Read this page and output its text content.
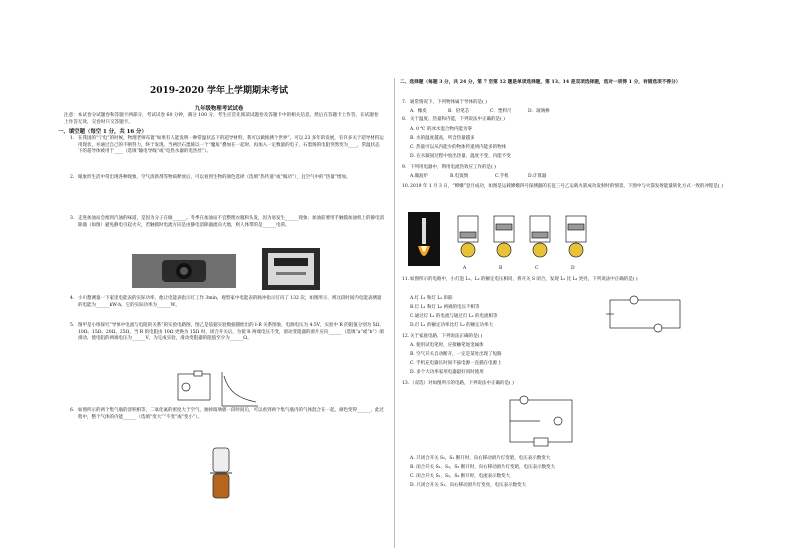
2019-2020 学年上学期期末考试
九年级物理考试试卷
注意：本试卷分试题卷和答题卡两部分，考试试卷 60 分钟，满分 100 分，考生应首先阅读试题卷及答题卡中的相关信息，然后在答题卡上作答，在试题卷上作答无效，交卷时只交答题卡。
一、填空题（每空 1 分，共 16 分）
1. 在我国的“宁电”的时候，物理老师布置“如果有人能发明一种常温状态下的超导材料，我可以做推测个世界”。可以 23 多年的发展，有许多关于超导材料运用现状，并通过自己的不断努力，终于发现。当两层石墨烯以一个“魔角”叠加在一起时，再加入一定数量的电子，石墨烯的电阻突然变为____，常温状态下的超导体被用于____（选填“输电导线”或“电热水器的电热丝”）。
2. 眼象形生活中常出现各种现象，空气清新剂等物质释放后，可以看到生物的颜色选择（选填“热传递”或“做功”），且空气中的“热量”增加。
3. 走进加油站会闻到汽油的味道，是因为分子在做______。冬季在加油站不宜整理衣服和头发，因为易发生______现象；加油前要用手触摸加油机上的静电消除器（如图）避免静电引起火灾，若触摸时电流方向是由静电消除器流向大地，则人体带的是______电荷。
4. 小川想测量一下家里电能表的实际功率，他让电能表指示灯工作 3min，观察家中电能表的脉冲指示灯闪了 132 次，如图所示，则这段时间内电能表测量的电能为______kW·h，它的实际功率为______W。
5. 图甲是小组探究“导体中电流与电阻的关系”的实验电路图，图乙是依据实验数据描绘出的 I-R 关系图象，电源电压为 4.5V，实验中 R 的阻值分别为 5Ω、10Ω、15Ω、20Ω、25Ω，当 R 的电阻由 10Ω 更换为 15Ω 时，闭合开关后，为使 R 两端电压不变，滑动变阻器的滑片应向______（选填“a”或“b”）端滑动，使电阻的两端电压为______V，为完成实验，滑动变阻器的阻值至少为______Ω。
6. 如图所示的两个集气瓶的容积相等，二氧化氮的密度大于空气，抽掉玻璃板一段时间后，可以看到两个集气瓶内的气体混合在一起，颜色变得______，此过程中，整个气体的内能______（选填“变大”“不变”或“变小”）。
二、选择题（每题 3 分，共 24 分，第 7 至第 12 题是单项选择题，第 13、14 是双项选择题，选对一项得 1 分，有错选项不得分）
7. 通常情况下，下列物体属于导体的是( )
A．橡皮	B．铅笔芯	C．塑料尺	D．玻璃棒
8. 关于温度、热量和内能，下列说法中正确的是( )
A. 0 ℃ 的冰水混合物内能为零
B. 水的温度越高，所含热量越多
C. 热量可以从内能少的物体传递到内能多的物体
D. 在水凝固过程中放出热量，温度不变，内能不变
9. 下列用电器中，利用电流热效应工作的是( )
A.微波炉	B.电饭煲	C.手机	D.计算器
10. 2019 年 1 月 3 日，“嫦娥”登月成功，如图是运载嫦娥四号探测器的长征三号乙运载火箭成功发射时的情景，下图中与火箭发射能量转化方式一致的冲程是( )
A	B	C	D
11. 如图所示的电路中，小灯泡 L₁、L₂ 的额定电压相同，将开关 S 闭合，发现 L₁ 比 L₂ 更亮，下列说法中正确的是( )
A.灯 L₁ 和灯 L₂ 串联
B.灯 L₁ 和灯 L₂ 两端的电压不相等
C.通过灯 L₁ 的电流与通过灯 L₂ 的电流相等
D.灯 L₁ 的额定功率比灯 L₂ 的额定功率大
12. 关于家庭电路，下列说法正确的是( )
A. 使用试电笔时，应接触笔尾金属体
B. 空气开关自动断开，一定是某处出现了短路
C. 手机充电器长时间不拔电源一直插在电源上
D. 多个大功率家用电器最好同时使用
13. （双选）对如图所示的电路，下列说法中正确的是( )
A. 只闭合开关 S₂，S₁ 断开时，向右移动滑片灯变暗，电压表示数变大
B. 闭合开关 S₁、S₂，S₃ 断开时，向右移动滑片灯变暗，电压表示数变大
C. 闭合开关 S₁，S₂，S₃ 断开时，电流表示数变大
D. 只闭合开关 S₁，向右移动滑片灯变亮，电压表示数变大
